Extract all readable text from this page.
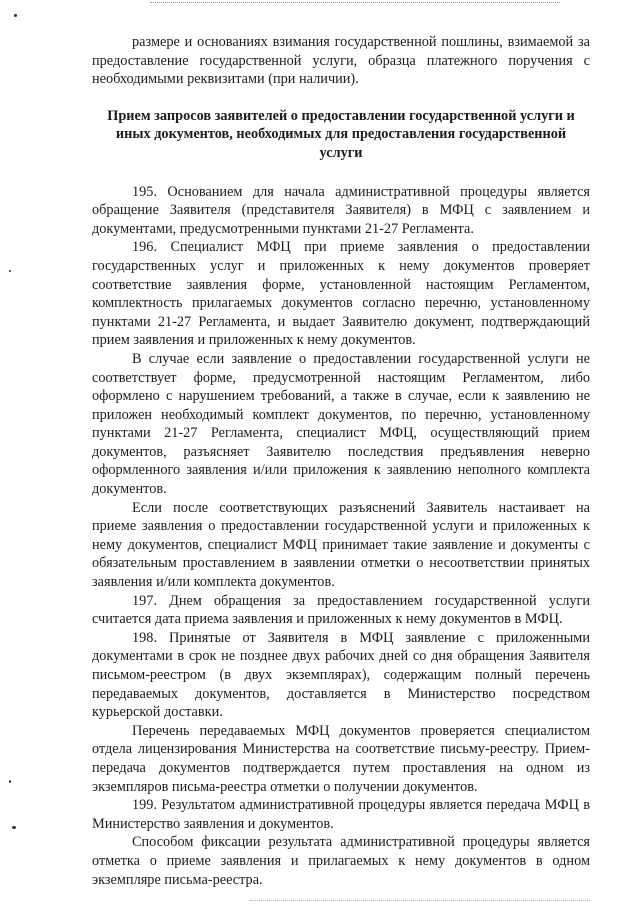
размере и основаниях взимания государственной пошлины, взимаемой за предоставление государственной услуги, образца платежного поручения с необходимыми реквизитами (при наличии).

Прием запросов заявителей о предоставлении государственной услуги и иных документов, необходимых для предоставления государственной услуги

195. Основанием для начала административной процедуры является обращение Заявителя (представителя Заявителя) в МФЦ с заявлением и документами, предусмотренными пунктами 21-27 Регламента.

196. Специалист МФЦ при приеме заявления о предоставлении государственных услуг и приложенных к нему документов проверяет соответствие заявления форме, установленной настоящим Регламентом, комплектность прилагаемых документов согласно перечню, установленному пунктами 21-27 Регламента, и выдает Заявителю документ, подтверждающий прием заявления и приложенных к нему документов.

В случае если заявление о предоставлении государственной услуги не соответствует форме, предусмотренной настоящим Регламентом, либо оформлено с нарушением требований, а также в случае, если к заявлению не приложен необходимый комплект документов, по перечню, установленному пунктами 21-27 Регламента, специалист МФЦ, осуществляющий прием документов, разъясняет Заявителю последствия предъявления неверно оформленного заявления и/или приложения к заявлению неполного комплекта документов.

Если после соответствующих разъяснений Заявитель настаивает на приеме заявления о предоставлении государственной услуги и приложенных к нему документов, специалист МФЦ принимает такие заявление и документы с обязательным проставлением в заявлении отметки о несоответствии принятых заявления и/или комплекта документов.

197. Днем обращения за предоставлением государственной услуги считается дата приема заявления и приложенных к нему документов в МФЦ.

198. Принятые от Заявителя в МФЦ заявление с приложенными документами в срок не позднее двух рабочих дней со дня обращения Заявителя письмом-реестром (в двух экземплярах), содержащим полный перечень передаваемых документов, доставляется в Министерство посредством курьерской доставки.

Перечень передаваемых МФЦ документов проверяется специалистом отдела лицензирования Министерства на соответствие письму-реестру. Прием-передача документов подтверждается путем проставления на одном из экземпляров письма-реестра отметки о получении документов.

199. Результатом административной процедуры является передача МФЦ в Министерство заявления и документов.

Способом фиксации результата административной процедуры является отметка о приеме заявления и прилагаемых к нему документов в одном экземпляре письма-реестра.
